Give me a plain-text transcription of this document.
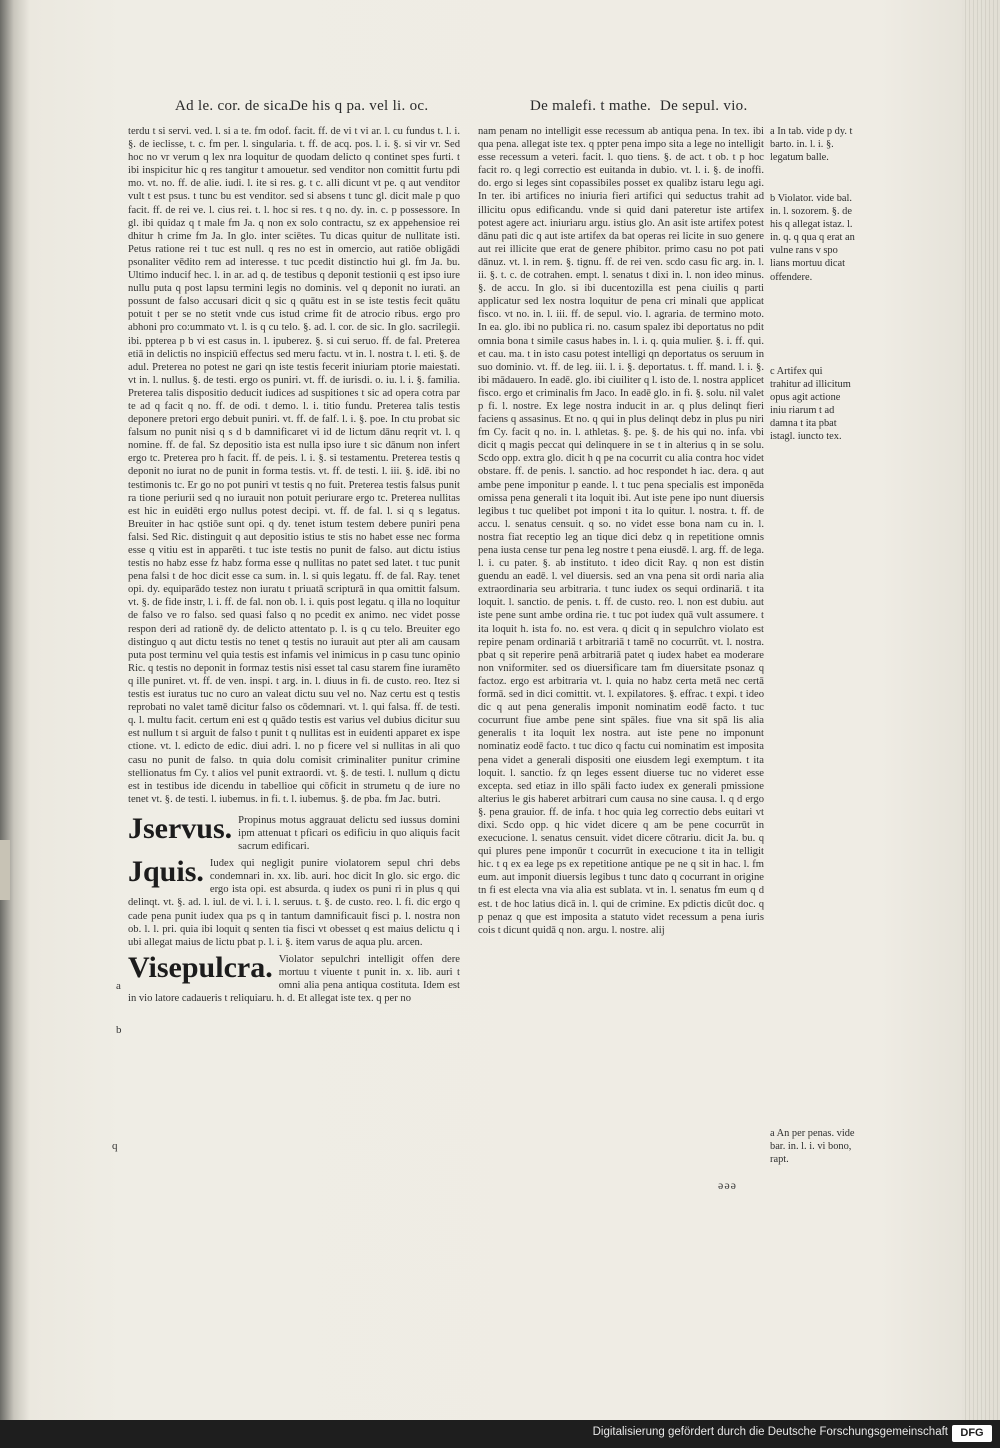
Ad le. cor. de sica.
De his q pa. vel li. oc.	De malefi. t mathe. De sepul. vio.

terdu t si servi. ved. l. si a te. fm odof. facit. ff. de vi t vi ar. l. cu fundus t. l. i. §. de ieclisse, t. c. fm per. l. singularia. t. ff. de acq. pos. l. i. §. si vir vr. Sed hoc no vr verum q lex nra loquitur de quodam delicto q continet spes furti. t ibi inspicitur hic q res tangitur t amouetur. sed venditor non comittit furtu pdi mo. vt. no. ff. de alie. iudi. l. ite si res. g. t c. alli dicunt vt pe. q aut venditor vult t est psus. t tunc bu est venditor. sed si absens t tunc gl. dicit male p quo facit. ff. de rei ve. l. cius rei. t. l. hoc si res. t q no. dy. in. c. p possessore. In gl. ibi quidaz q t male fm Ja. q non ex solo contractu, sz ex appehensioe rei dhitur h crime fm Ja. In glo. inter sciētes. Tu dicas quitur de nullitate isti. Petus ratione rei t tuc est null. q res no est in omercio, aut ratiōe obligādi psonaliter vēdito rem ad interesse. t tuc pcedit distinctio hui gl. fm Ja. bu. Ultimo inducif hec. l. in ar. ad q. de testibus q deponit testionii q est ipso iure nullu puta q post lapsu termini legis no dominis. vel q deponit no iurati. an possunt de falso accusari dicit q sic q quātu est in se iste testis fecit quātu potuit t per se no stetit vnde cus istud crime fit de atrocio ribus. ergo pro abhoni pro co:ummato vt. l. is q cu telo. §. ad. l. cor. de sic. In glo. sacrilegii. ibi. ppterea p b vi est casus in. l. ipuberez. §. si cui seruo. ff. de fal. Preterea etiā in delictis no inspiciū effectus sed meru factu. vt in. l. nostra t. l. eti. §. de adul. Preterea no potest ne gari qn iste testis fecerit iniuriam ptorie maiestati. vt in. l. nullus. §. de testi. ergo os puniri. vt. ff. de iurisdi. o. iu. l. i. §. familia. Preterea talis dispositio deducit iudices ad suspitiones t sic ad opera cotra par te ad q facit q no. ff. de odi. t demo. l. i. titio fundu. Preterea talis testis deponere pretori ergo debuit puniri. vt. ff. de falf. l. i. §. poe. In ctu probat sic falsum no punit nisi q s d b damnificaret vi id de lictum dānu reqrit vt. l. q nomine. ff. de fal. Sz depositio ista est nulla ipso iure t sic dānum non infert ergo tc. Preterea pro h facit. ff. de peis. l. i. §. si testamentu. Preterea testis q deponit no iurat no de punit in forma testis. vt. ff. de testi. l. iii. §. idē. ibi no testimonis tc. Er go no pot puniri vt testis q no fuit. Preterea testis falsus punit ra tione periurii sed q no iurauit non potuit periurare ergo tc. Preterea nullitas est hic in euidēti ergo nullus potest decipi. vt. ff. de fal. l. si q s legatus. Breuiter in hac qstiōe sunt opi. q dy. tenet istum testem debere puniri pena falsi. Sed Ric. distinguit q aut depositio istius te stis no habet esse nec forma esse q vitiu est in apparēti. t tuc iste testis no punit de falso. aut dictu istius testis no habz esse fz habz forma esse q nullitas no patet sed latet. t tuc punit pena falsi t de hoc dicit esse ca sum. in. l. si quis legatu. ff. de fal. Ray. tenet opi. dy. equiparādo testez non iuratu t priuatā scripturā in qua omittit falsum. vt. §. de fide instr, l. i. ff. de fal. non ob. l. i. quis post legatu. q illa no loquitur de falso ve ro falso. sed quasi falso q no pcedit ex animo. nec videt posse respon deri ad rationē dy. de delicto attentato p. l. is q cu telo. Breuiter ego distinguo q aut dictu testis no tenet q testis no iurauit aut pter ali am causam puta post terminu vel quia testis est infamis vel inimicus in p casu tunc opinio Ric. q testis no deponit in formaz testis nisi esset tal casu starem fine iuramēto q ille puniret. vt. ff. de ven. inspi. t arg. in. l. diuus in fi. de custo. reo. Itez si testis est iuratus tuc no curo an valeat dictu suu vel no. Naz certu est q testis reprobati no valet tamē dicitur falso os cōdemnari. vt. l. qui falsa. ff. de testi. q. l. multu facit. certum eni est q quādo testis est varius vel dubius dicitur suu est nullum t si arguit de falso t punit t q nullitas est in euidenti apparet ex ispe ctione. vt. l. edicto de edic. diui adri. l. no p ficere vel si nullitas in ali quo casu no punit de falso. tn quia dolu comisit criminaliter punitur crimine stellionatus fm Cy. t alios vel punit extraordi. vt. §. de testi. l. nullum q dictu est in testibus ide dicendu in tabellioe qui cōficit in strumetu q de iure no tenet vt. §. de testi. l. iubemus. in fi. t. l. iubemus. §. de pba. fm Jac. butri.

Jservus. Propinus motus aggrauat delictu sed iussus domini ipm attenuat t pficari os edificiu in quo aliquis facit sacrum edificari.

Jquis. Iudex qui negligit punire violatorem sepul chri debs condemnari in. xx. lib. auri. hoc dicit In glo. sic ergo. dic ergo ista opi. est absurda. q iudex os puni ri in plus q qui delinqt. vt. §. ad. l. iul. de vi. l. i. l. seruus. t. §. de custo. reo. l. fi. dic ergo q cade pena punit iudex qua ps q in tantum damnificauit fisci p. l. nostra non ob. l. l. pri. quia ibi loquit q senten tia fisci vt obesset q est maius delictu q i ubi allegat maius de lictu pbat p. l. i. §. item varus de aqua plu. arcen.

Visepulcra. Violator sepulchri intelligit offen dere mortuu t viuente t punit in. x. lib. auri t omni alia pena antiqua costituta. Idem est in vio latore cadaueris t reliquiaru. h. d. Et allegat iste tex. q per no

a
b
q

nam penam no intelligit esse recessum ab antiqua pena. In tex. ibi qua pena. allegat iste tex. q ppter pena impo sita a lege no intelligit esse recessum a veteri. facit. l. quo tiens. §. de act. t ob. t p hoc facit ro. q legi correctio est euitanda in dubio. vt. l. i. §. de inoffi. do. ergo si leges sint copassibiles posset ex qualibz istaru legu agi. In ter. ibi artifices no iniuria fieri artifici qui seductus trahit ad illicitu opus edificandu. vnde si quid dani pateretur iste artifex potest agere act. iniuriaru argu. istius glo. An asit iste artifex potest dānu pati dic q aut iste artifex da bat operas rei licite in suo genere aut rei illicite que erat de genere phibitor. primo casu no pot pati dānuz. vt. l. in rem. §. tignu. ff. de rei ven. scdo casu fic arg. in. l. ii. §. t. c. de cotrahen. empt. l. senatus t dixi in. l. non ideo minus. §. de accu. In glo. si ibi ducentozilla est pena ciuilis q parti applicatur sed lex nostra loquitur de pena cri minali que applicat fisco. vt no. in. l. iii. ff. de sepul. vio. l. agraria. de termino moto. In ea. glo. ibi no publica ri. no. casum spalez ibi deportatus no pdit omnia bona t simile casus habes in. l. i. q. quia mulier. §. i. ff. qui. et cau. ma. t in isto casu potest intelligi qn deportatus os seruum in suo dominio. vt. ff. de leg. iii. l. i. §. deportatus. t. ff. mand. l. i. §. ibi mādauero. In eadē. glo. ibi ciuiliter q l. isto de. l. nostra applicet fisco. ergo et criminalis fm Jaco. In eadē glo. in fi. §. solu. nil valet p fi. l. nostre. Ex lege nostra inducit in ar. q plus delinqt fieri faciens q assasinus. Et no. q qui in plus delinqt debz in plus pu niri fm Cy. facit q no. in. l. athletas. §. pe. §. de his qui no. infa. vbi dicit q magis peccat qui delinquere in se t in alterius q in se solu. Scdo opp. extra glo. dicit h q pe na cocurrit cu alia contra hoc videt obstare. ff. de penis. l. sanctio. ad hoc respondet h iac. dera. q aut ambe pene imponitur p eande. l. t tuc pena specialis est imponēda omissa pena generali t ita loquit ibi. Aut iste pene ipo nunt diuersis legibus t tuc quelibet pot imponi t ita lo quitur. l. nostra. t. ff. de accu. l. senatus censuit. q so. no videt esse bona nam cu in. l. nostra fiat receptio leg an tique dici debz q in repetitione omnis pena iusta cense tur pena leg nostre t pena eiusdē. l. arg. ff. de lega. l. i. cu pater. §. ab instituto. t ideo dicit Ray. q non est distin guendu an eadē. l. vel diuersis. sed an vna pena sit ordi naria alia extraordinaria seu arbitraria. t tunc iudex os sequi ordinariā. t ita loquit. l. sanctio. de penis. t. ff. de custo. reo. l. non est dubiu. aut iste pene sunt ambe ordina rie. t tuc pot iudex quā vult assumere. t ita loquit h. ista fo. no. est vera. q dicit q in sepulchro violato est repire penam ordinariā t arbitrariā t tamē no cocurrūt. vt. l. nostra. pbat q sit reperire penā arbitrariā patet q iudex habet ea moderare non vniformiter. sed os diuersificare tam fm diuersitate psonaz q factoz. ergo est arbitraria vt. l. quia no habz certa metā nec certā formā. sed in dici comittit. vt. l. expilatores. §. effrac. t expi. t ideo dic q aut pena generalis imponit nominatim eodē facto. t tuc cocurrunt fiue ambe pene sint spāles. fiue vna sit spā lis alia generalis t ita loquit lex nostra. aut iste pene no imponunt nominatiz eodē facto. t tuc dico q factu cui nominatim est imposita pena videt a generali dispositi one eiusdem legi exemptum. t ita loquit. l. sanctio. fz qn leges essent diuerse tuc no videret esse excepta. sed etiaz in illo spāli facto iudex ex generali pmissione alterius le gis haberet arbitrari cum causa no sine causa. l. q d ergo §. pena grauior. ff. de infa. t hoc quia leg correctio debs euitari vt dixi. Scdo opp. q hic videt dicere q am be pene cocurrūt in execucione. l. senatus censuit. videt dicere cōtrariu. dicit Ja. bu. q qui plures pene imponūr t cocurrūt in execucione t ita in telligit hic. t q ex ea lege ps ex repetitione antique pe ne q sit in hac. l. fm eum. aut imponit diuersis legibus t tunc dato q cocurrant in origine tn fi est electa vna via alia est sublata. vt in. l. senatus fm eum q d est. t de hoc latius dicā in. l. qui de crimine. Ex pdictis dicūt doc. q p penaz q que est imposita a statuto videt recessum a pena iuris cois t dicunt quidā q non. argu. l. nostre. alij

a In tab. vide p dy. t barto. in. l. i. §. legatum balle.
b Violator. vide bal. in. l. sozorem. §. de his q allegat istaz. l. in. q. q qua q erat an vulne rans v spo lians mortuu dicat offendere.
c Artifex qui trahitur ad illicitum opus agit actione iniu riarum t ad damna t ita pbat istagl. iuncto tex.
a An per penas. vide bar. in. l. i. vi bono, rapt.
ǝǝǝ
Digitalisierung gefördert durch die Deutsche Forschungsgemeinschaft	DFG
